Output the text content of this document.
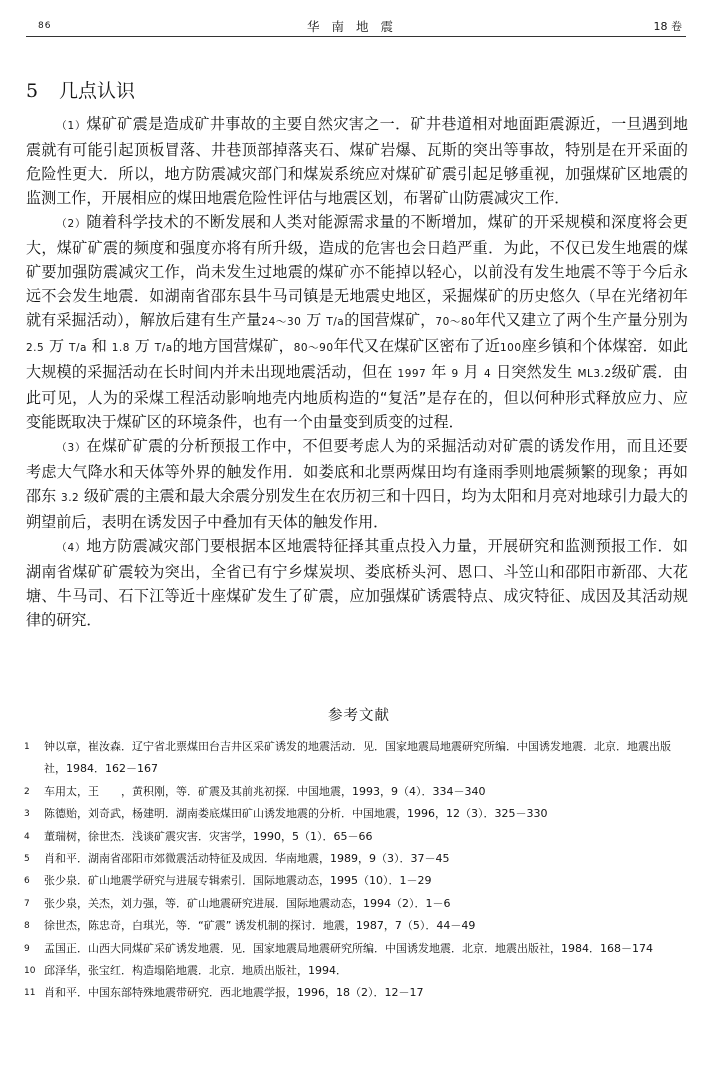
86	华南地震	18 卷
5 几点认识

（1）煤矿矿震是造成矿井事故的主要自然灾害之一．矿井巷道相对地面距震源近，一旦遇到地震就有可能引起顶板冒落、井巷顶部掉落夹石、煤矿岩爆、瓦斯的突出等事故，特别是在开采面的危险性更大．所以，地方防震减灾部门和煤炭系统应对煤矿矿震引起足够重视，加强煤矿区地震的监测工作，开展相应的煤田地震危险性评估与地震区划，布署矿山防震减灾工作．

（2）随着科学技术的不断发展和人类对能源需求量的不断增加，煤矿的开采规模和深度将会更大，煤矿矿震的频度和强度亦将有所升级，造成的危害也会日趋严重．为此，不仅已发生地震的煤矿要加强防震减灾工作，尚未发生过地震的煤矿亦不能掉以轻心，以前没有发生地震不等于今后永远不会发生地震．如湖南省邵东县牛马司镇是无地震史地区，采掘煤矿的历史悠久（早在光绪初年就有采掘活动），解放后建有生产量24～30 万 T/a的国营煤矿，70～80年代又建立了两个生产量分别为 2.5 万 T/a 和 1.8 万 T/a的地方国营煤矿，80～90年代又在煤矿区密布了近100座乡镇和个体煤窑．如此大规模的采掘活动在长时间内并未出现地震活动，但在 1997 年 9 月 4 日突然发生 ML3.2级矿震．由此可见，人为的采煤工程活动影响地壳内地质构造的“复活”是存在的，但以何种形式释放应力、应变能既取决于煤矿区的环境条件，也有一个由量变到质变的过程．

（3）在煤矿矿震的分析预报工作中，不但要考虑人为的采掘活动对矿震的诱发作用，而且还要考虑大气降水和天体等外界的触发作用．如娄底和北票两煤田均有逢雨季则地震频繁的现象；再如邵东 3.2 级矿震的主震和最大余震分别发生在农历初三和十四日，均为太阳和月亮对地球引力最大的朔望前后，表明在诱发因子中叠加有天体的触发作用．

（4）地方防震减灾部门要根据本区地震特征择其重点投入力量，开展研究和监测预报工作．如湖南省煤矿矿震较为突出，全省已有宁乡煤炭坝、娄底桥头河、恩口、斗笠山和邵阳市新邵、大花塘、牛马司、石下江等近十座煤矿发生了矿震，应加强煤矿诱震特点、成灾特征、成因及其活动规律的研究．

参考文献
1 钟以章，崔汝森．辽宁省北票煤田台吉井区采矿诱发的地震活动．见．国家地震局地震研究所编．中国诱发地震．北京．地震出版社，1984．162－167
2 车用太，王　　，黄积刚，等．矿震及其前兆初探．中国地震，1993，9（4）．334－340
3 陈德贻，刘奇武，杨建明．湖南娄底煤田矿山诱发地震的分析．中国地震，1996，12（3）．325－330
4 董瑞树，徐世杰．浅谈矿震灾害．灾害学，1990，5（1）．65－66
5 肖和平．湖南省邵阳市郊微震活动特征及成因．华南地震，1989，9（3）．37－45
6 张少泉．矿山地震学研究与进展专辑索引．国际地震动态，1995（10）．1－29
7 张少泉，关杰，刘力强，等．矿山地震研究进展．国际地震动态，1994（2）．1－6
8 徐世杰，陈忠奇，白琪光，等．“矿震” 诱发机制的探讨．地震，1987，7（5）．44－49
9 孟国正．山西大同煤矿采矿诱发地震．见．国家地震局地震研究所编．中国诱发地震．北京．地震出版社，1984．168－174
10 邱泽华，张宝红．构造塌陷地震．北京．地质出版社，1994．
11 肖和平．中国东部特殊地震带研究．西北地震学报，1996，18（2）．12－17
